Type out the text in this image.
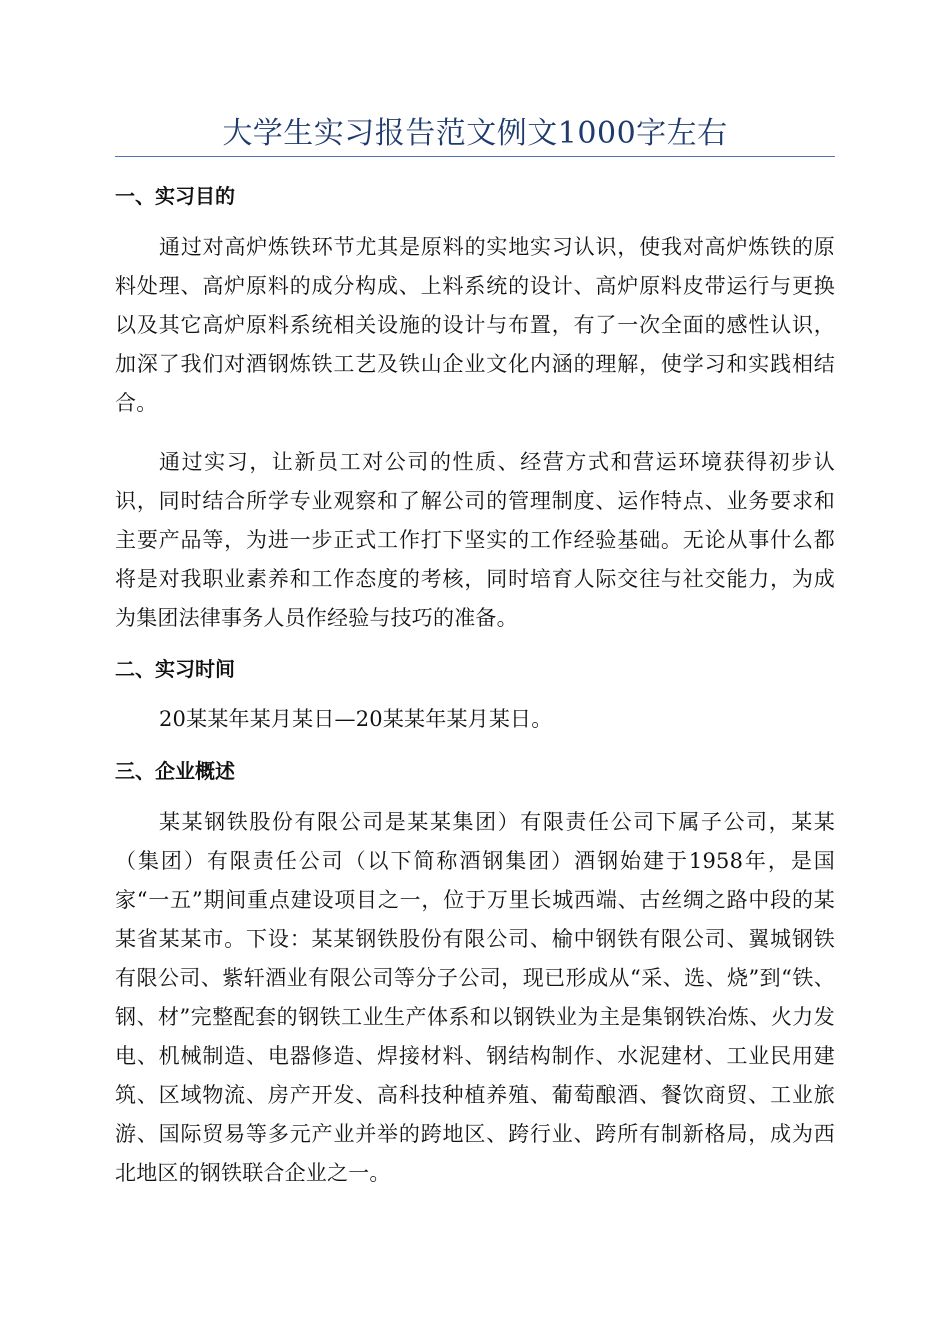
大学生实习报告范文例文1000字左右
一、实习目的

通过对高炉炼铁环节尤其是原料的实地实习认识，使我对高炉炼铁的原料处理、高炉原料的成分构成、上料系统的设计、高炉原料皮带运行与更换以及其它高炉原料系统相关设施的设计与布置，有了一次全面的感性认识，加深了我们对酒钢炼铁工艺及铁山企业文化内涵的理解，使学习和实践相结合。

通过实习，让新员工对公司的性质、经营方式和营运环境获得初步认识，同时结合所学专业观察和了解公司的管理制度、运作特点、业务要求和主要产品等，为进一步正式工作打下坚实的工作经验基础。无论从事什么都将是对我职业素养和工作态度的考核，同时培育人际交往与社交能力，为成为集团法律事务人员作经验与技巧的准备。

二、实习时间

20某某年某月某日—20某某年某月某日。

三、企业概述

某某钢铁股份有限公司是某某集团）有限责任公司下属子公司，某某（集团）有限责任公司（以下简称酒钢集团）酒钢始建于1958年，是国家“一五”期间重点建设项目之一，位于万里长城西端、古丝绸之路中段的某某省某某市。下设：某某钢铁股份有限公司、榆中钢铁有限公司、翼城钢铁有限公司、紫轩酒业有限公司等分子公司，现已形成从“采、选、烧”到“铁、钢、材”完整配套的钢铁工业生产体系和以钢铁业为主是集钢铁冶炼、火力发电、机械制造、电器修造、焊接材料、钢结构制作、水泥建材、工业民用建筑、区域物流、房产开发、高科技种植养殖、葡萄酿酒、餐饮商贸、工业旅游、国际贸易等多元产业并举的跨地区、跨行业、跨所有制新格局，成为西北地区的钢铁联合企业之一。
